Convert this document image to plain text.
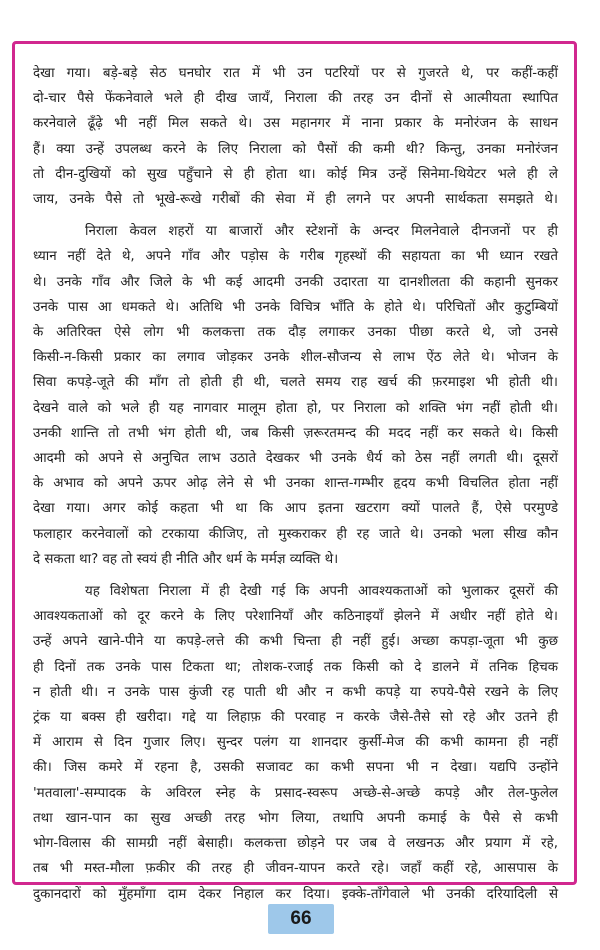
देखा गया। बड़े-बड़े सेठ घनघोर रात में भी उन पटरियों पर से गुजरते थे, पर कहीं-कहीं
दो-चार पैसे फेंकनेवाले भले ही दीख जायँ, निराला की तरह उन दीनों से आत्मीयता स्थापित
करनेवाले ढूँढ़े भी नहीं मिल सकते थे। उस महानगर में नाना प्रकार के मनोरंजन के साधन
हैं। क्या उन्हें उपलब्ध करने के लिए निराला को पैसों की कमी थी? किन्तु, उनका मनोरंजन
तो दीन-दुखियों को सुख पहुँचाने से ही होता था। कोई मित्र उन्हें सिनेमा-थियेटर भले ही ले
जाय, उनके पैसे तो भूखे-रूखे गरीबों की सेवा में ही लगने पर अपनी सार्थकता समझते थे।
निराला केवल शहरों या बाजारों और स्टेशनों के अन्दर मिलनेवाले दीनजनों पर ही
ध्यान नहीं देते थे, अपने गाँव और पड़ोस के गरीब गृहस्थों की सहायता का भी ध्यान रखते
थे। उनके गाँव और जिले के भी कई आदमी उनकी उदारता या दानशीलता की कहानी सुनकर
उनके पास आ धमकते थे। अतिथि भी उनके विचित्र भाँति के होते थे। परिचितों और कुटुम्बियों
के अतिरिक्त ऐसे लोग भी कलकत्ता तक दौड़ लगाकर उनका पीछा करते थे, जो उनसे
किसी-न-किसी प्रकार का लगाव जोड़कर उनके शील-सौजन्य से लाभ ऐंठ लेते थे। भोजन के
सिवा कपड़े-जूते की माँग तो होती ही थी, चलते समय राह खर्च की फ़रमाइश भी होती थी।
देखने वाले को भले ही यह नागवार मालूम होता हो, पर निराला को शक्ति भंग नहीं होती थी।
उनकी शान्ति तो तभी भंग होती थी, जब किसी ज़रूरतमन्द की मदद नहीं कर सकते थे। किसी
आदमी को अपने से अनुचित लाभ उठाते देखकर भी उनके धैर्य को ठेस नहीं लगती थी। दूसरों
के अभाव को अपने ऊपर ओढ़ लेने से भी उनका शान्त-गम्भीर हृदय कभी विचलित होता नहीं
देखा गया। अगर कोई कहता भी था कि आप इतना खटराग क्यों पालते हैं, ऐसे परमुण्डे
फलाहार करनेवालों को टरकाया कीजिए, तो मुस्कराकर ही रह जाते थे। उनको भला सीख कौन
दे सकता था? वह तो स्वयं ही नीति और धर्म के मर्मज्ञ व्यक्ति थे।
यह विशेषता निराला में ही देखी गई कि अपनी आवश्यकताओं को भुलाकर दूसरों की
आवश्यकताओं को दूर करने के लिए परेशानियाँ और कठिनाइयाँ झेलने में अधीर नहीं होते थे।
उन्हें अपने खाने-पीने या कपड़े-लत्ते की कभी चिन्ता ही नहीं हुई। अच्छा कपड़ा-जूता भी कुछ
ही दिनों तक उनके पास टिकता था; तोशक-रजाई तक किसी को दे डालने में तनिक हिचक
न होती थी। न उनके पास कुंजी रह पाती थी और न कभी कपड़े या रुपये-पैसे रखने के लिए
ट्रंक या बक्स ही खरीदा। गद्दे या लिहाफ़ की परवाह न करके जैसे-तैसे सो रहे और उतने ही
में आराम से दिन गुजार लिए। सुन्दर पलंग या शानदार कुर्सी-मेज की कभी कामना ही नहीं
की। जिस कमरे में रहना है, उसकी सजावट का कभी सपना भी न देखा। यद्यपि उन्होंने
'मतवाला'-सम्पादक के अविरल स्नेह के प्रसाद-स्वरूप अच्छे-से-अच्छे कपड़े और तेल-फुलेल
तथा खान-पान का सुख अच्छी तरह भोग लिया, तथापि अपनी कमाई के पैसे से कभी
भोग-विलास की सामग्री नहीं बेसाही। कलकत्ता छोड़ने पर जब वे लखनऊ और प्रयाग में रहे,
तब भी मस्त-मौला फ़कीर की तरह ही जीवन-यापन करते रहे। जहाँ कहीं रहे, आसपास के
दुकानदारों को मुँहमाँगा दाम देकर निहाल कर दिया। इक्के-ताँगेवाले भी उनकी दरियादिली से
66
